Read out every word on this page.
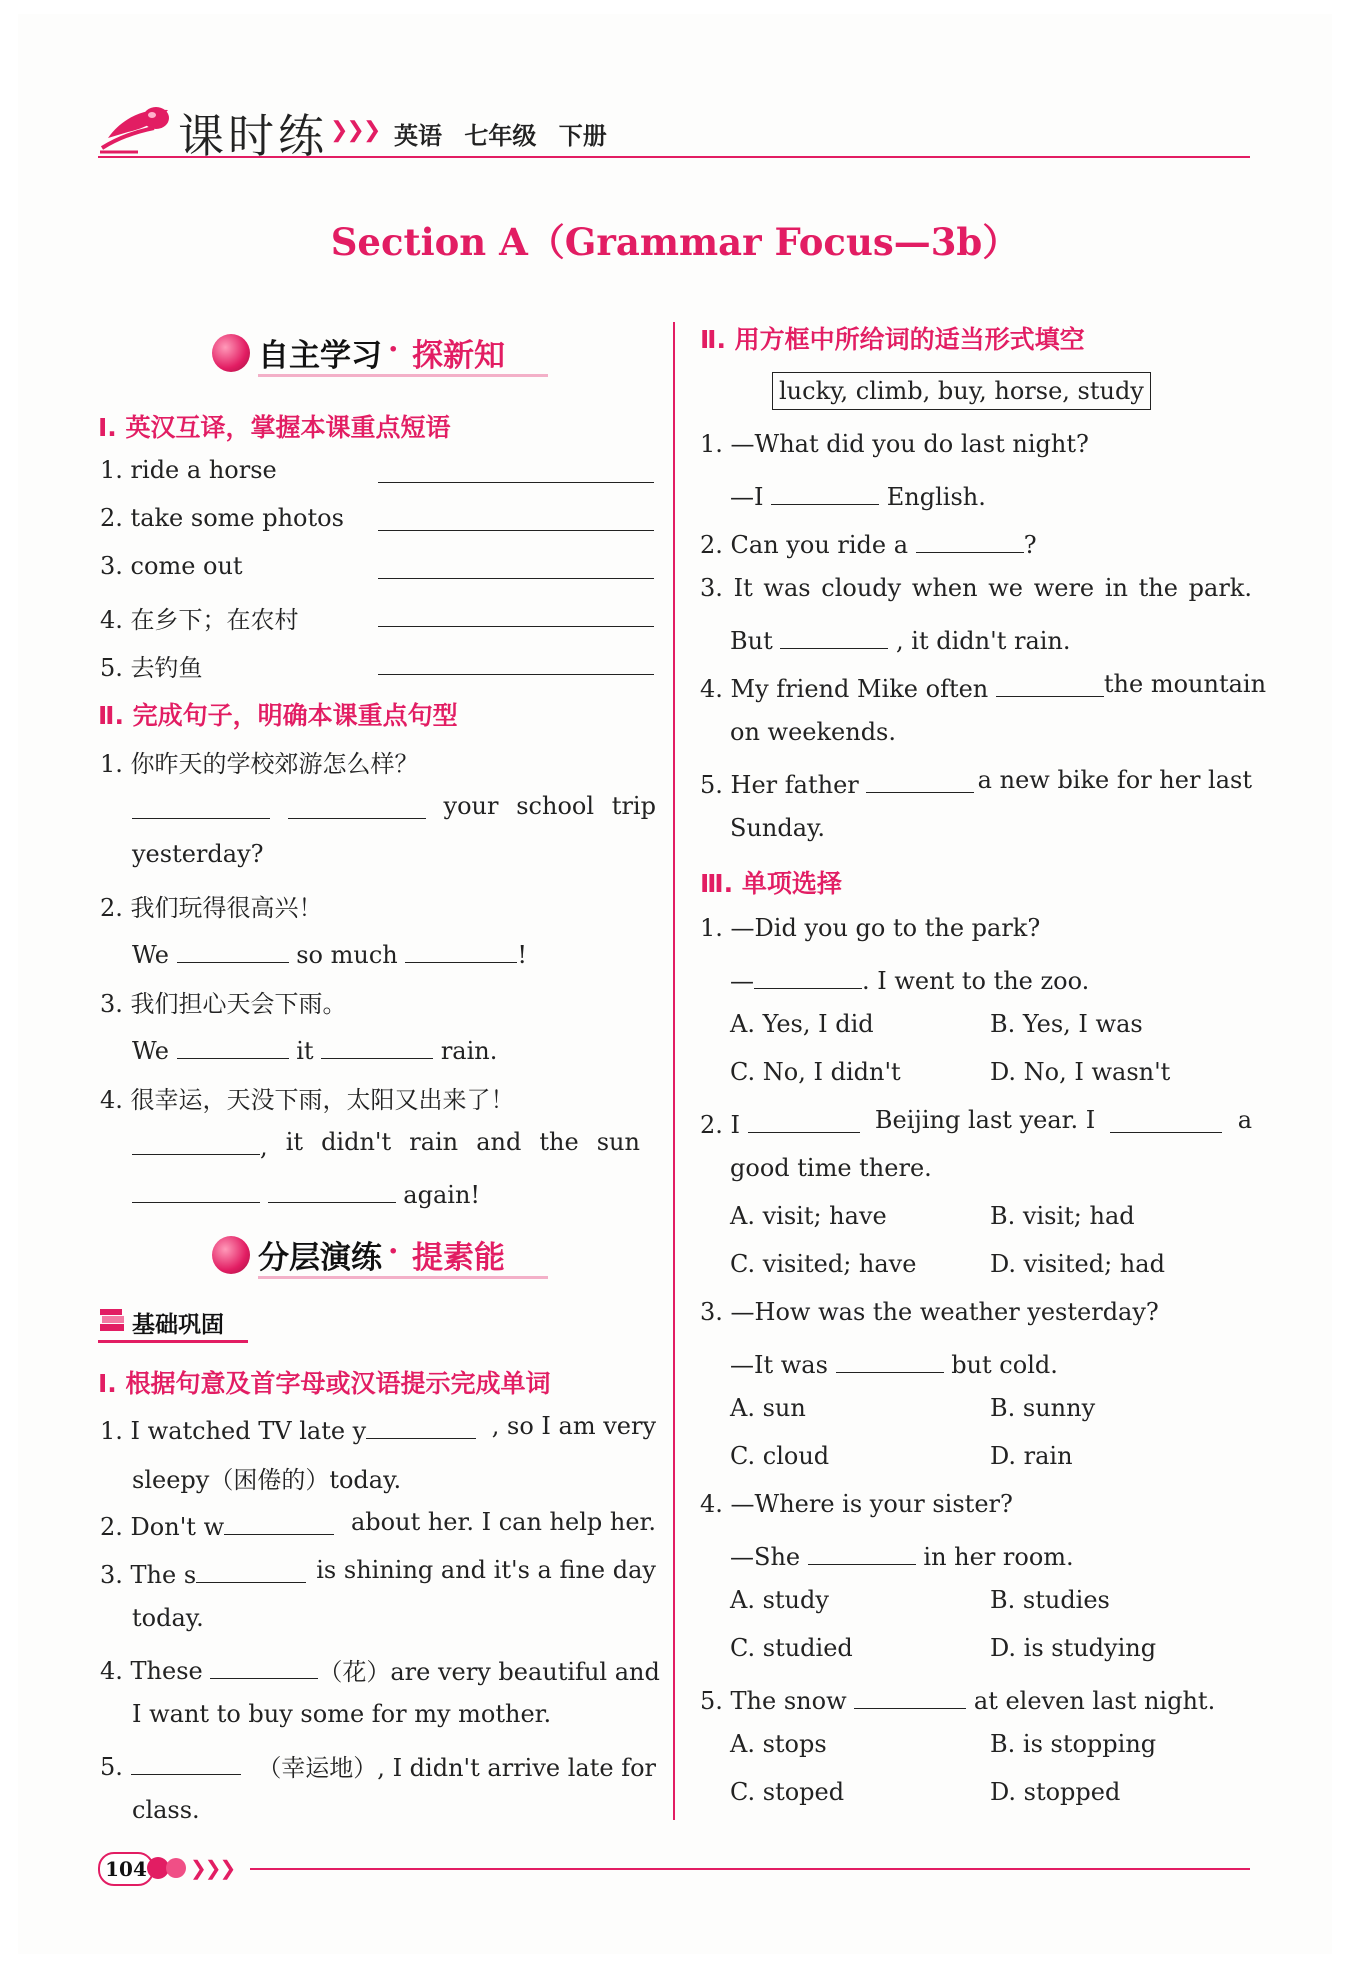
课时练 ❯❯❯ 英语 七年级 下册
Section A（Grammar Focus—3b）
自主学习 · 探新知
Ⅰ. 英汉互译，掌握本课重点短语
1. ride a horse
2. take some photos
3. come out
4. 在乡下；在农村
5. 去钓鱼
Ⅱ. 完成句子，明确本课重点句型
1. 你昨天的学校郊游怎么样？
your school trip
yesterday?
2. 我们玩得很高兴！
We	so much	!
3. 我们担心天会下雨。
We	it	rain.
4. 很幸运，天没下雨，太阳又出来了！
, it didn't rain and the sun
again!
分层演练 · 提素能
基础巩固
Ⅰ. 根据句意及首字母或汉语提示完成单词
1. I watched TV late y	, so I am very
sleepy（困倦的）today.
2. Don't w	about her. I can help her.
3. The s	is shining and it's a fine day
today.
4. These	（花）are very beautiful and
I want to buy some for my mother.
5.	（幸运地）, I didn't arrive late for
class.
Ⅱ. 用方框中所给词的适当形式填空
lucky, climb, buy, horse, study
1. —What did you do last night?
—I	English.
2. Can you ride a	?
3. It was cloudy when we were in the park.
But	, it didn't rain.
4. My friend Mike often	the mountain
on weekends.
5. Her father	a new bike for her last
Sunday.
Ⅲ. 单项选择
1. —Did you go to the park?
—	. I went to the zoo.
A. Yes, I did	B. Yes, I was
C. No, I didn't	D. No, I wasn't
2. I	Beijing last year. I	a
good time there.
A. visit; have	B. visit; had
C. visited; have	D. visited; had
3. —How was the weather yesterday?
—It was	but cold.
A. sun	B. sunny
C. cloud	D. rain
4. —Where is your sister?
—She	in her room.
A. study	B. studies
C. studied	D. is studying
5. The snow	at eleven last night.
A. stops	B. is stopping
C. stoped	D. stopped
104	❯❯❯
